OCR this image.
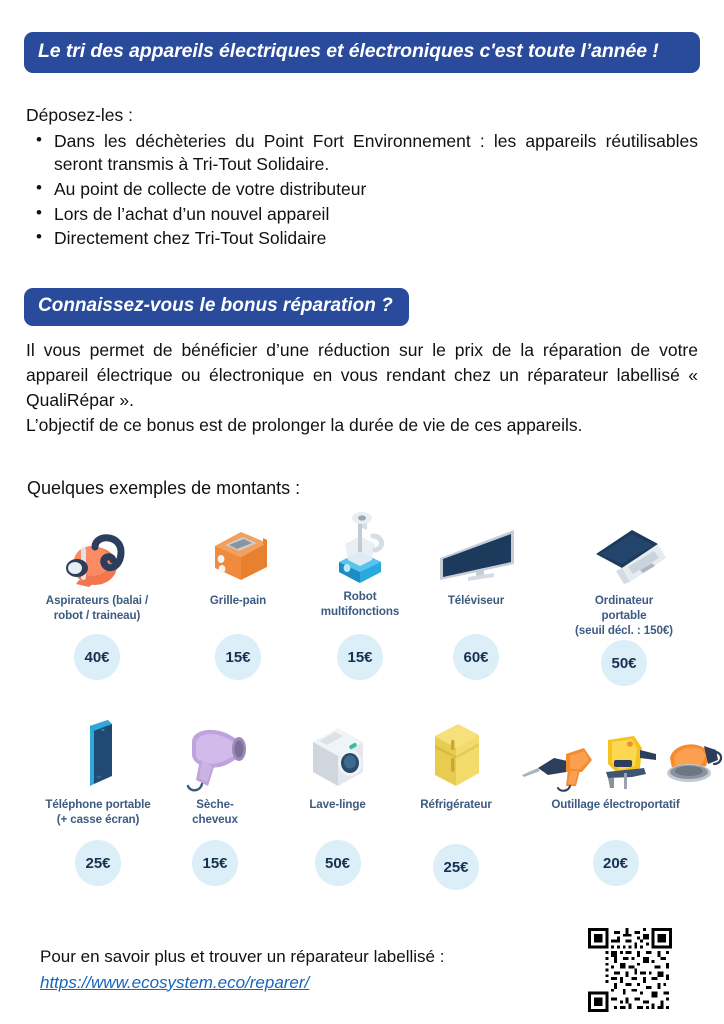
Le tri des appareils électriques et électroniques c'est toute l’année !
Déposez-les :
• Dans les déchèteries du Point Fort Environnement : les appareils réutilisables seront transmis à Tri-Tout Solidaire.
• Au point de collecte de votre distributeur
• Lors de l’achat d’un nouvel appareil
• Directement chez Tri-Tout Solidaire
Connaissez-vous le bonus réparation ?

Il vous permet de bénéficier d’une réduction sur le prix de la réparation de votre appareil électrique ou électronique en vous rendant chez un réparateur labellisé « QualiRépar ».

L’objectif de ce bonus est de prolonger la durée de vie de ces appareils.

Quelques exemples de montants :
Aspirateurs (balai /
robot / traineau)
40€
Grille-pain
15€
Robot
multifonctions
15€
Téléviseur
60€
Ordinateur
portable
(seuil décl. : 150€)
50€
Téléphone portable
(+ casse écran)
25€
Sèche-
cheveux
15€
Lave-linge
50€
Réfrigérateur
25€
Outillage électroportatif
20€
Pour en savoir plus et trouver un réparateur labellisé :
https://www.ecosystem.eco/reparer/
